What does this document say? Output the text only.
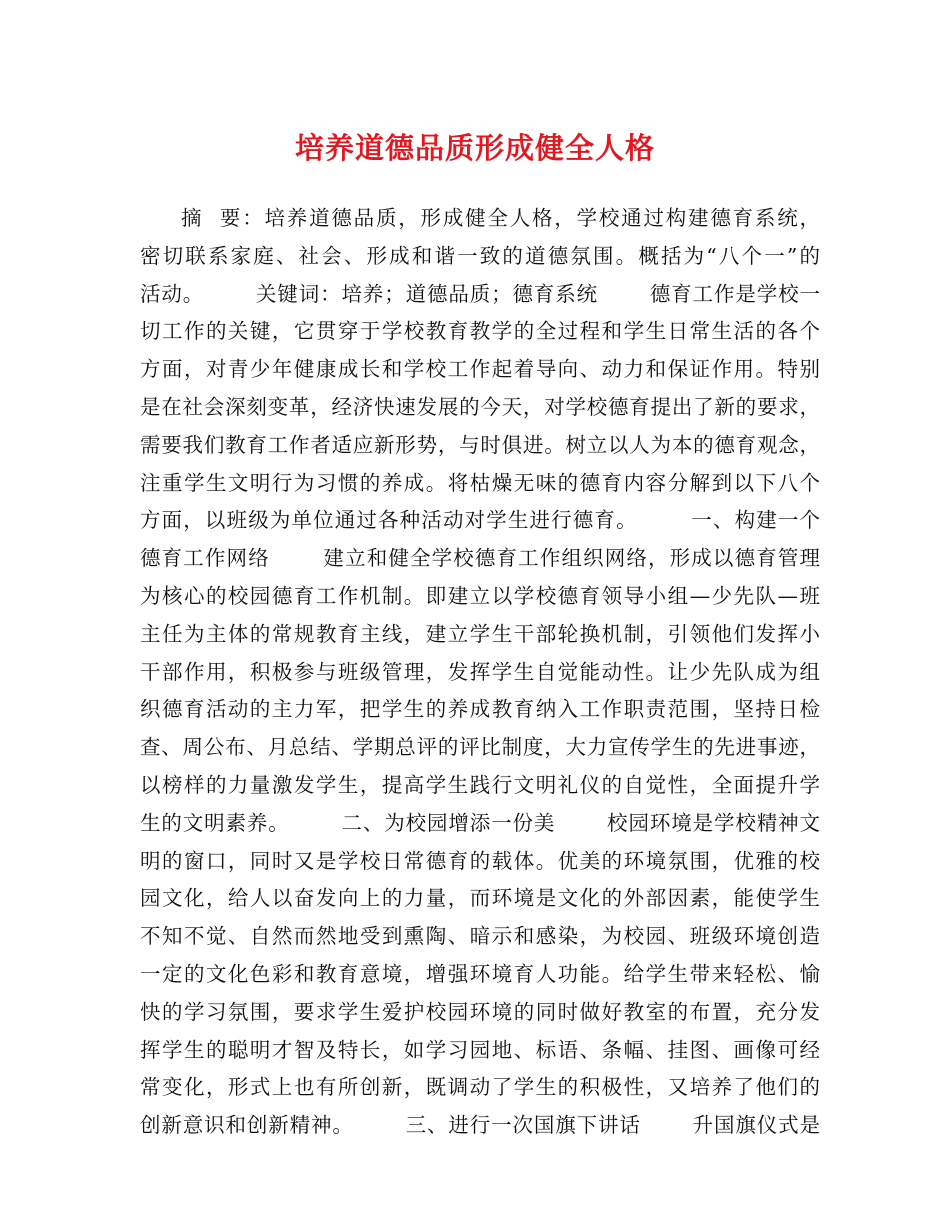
培养道德品质形成健全人格
摘  要：培养道德品质，形成健全人格，学校通过构建德育系统，
密切联系家庭、社会、形成和谐一致的道德氛围。概括为“八个一”的
活动。       关键词：培养；道德品质；德育系统       德育工作是学校一
切工作的关键，它贯穿于学校教育教学的全过程和学生日常生活的各个
方面，对青少年健康成长和学校工作起着导向、动力和保证作用。特别
是在社会深刻变革，经济快速发展的今天，对学校德育提出了新的要求，
需要我们教育工作者适应新形势，与时俱进。树立以人为本的德育观念，
注重学生文明行为习惯的养成。将枯燥无味的德育内容分解到以下八个
方面，以班级为单位通过各种活动对学生进行德育。       一、构建一个
德育工作网络       建立和健全学校德育工作组织网络，形成以德育管理
为核心的校园德育工作机制。即建立以学校德育领导小组—少先队—班
主任为主体的常规教育主线，建立学生干部轮换机制，引领他们发挥小
干部作用，积极参与班级管理，发挥学生自觉能动性。让少先队成为组
织德育活动的主力军，把学生的养成教育纳入工作职责范围，坚持日检
查、周公布、月总结、学期总评的评比制度，大力宣传学生的先进事迹，
以榜样的力量激发学生，提高学生践行文明礼仪的自觉性，全面提升学
生的文明素养。       二、为校园增添一份美       校园环境是学校精神文
明的窗口，同时又是学校日常德育的载体。优美的环境氛围，优雅的校
园文化，给人以奋发向上的力量，而环境是文化的外部因素，能使学生
不知不觉、自然而然地受到熏陶、暗示和感染，为校园、班级环境创造
一定的文化色彩和教育意境，增强环境育人功能。给学生带来轻松、愉
快的学习氛围，要求学生爱护校园环境的同时做好教室的布置，充分发
挥学生的聪明才智及特长，如学习园地、标语、条幅、挂图、画像可经
常变化，形式上也有所创新，既调动了学生的积极性，又培养了他们的
创新意识和创新精神。       三、进行一次国旗下讲话       升国旗仪式是
